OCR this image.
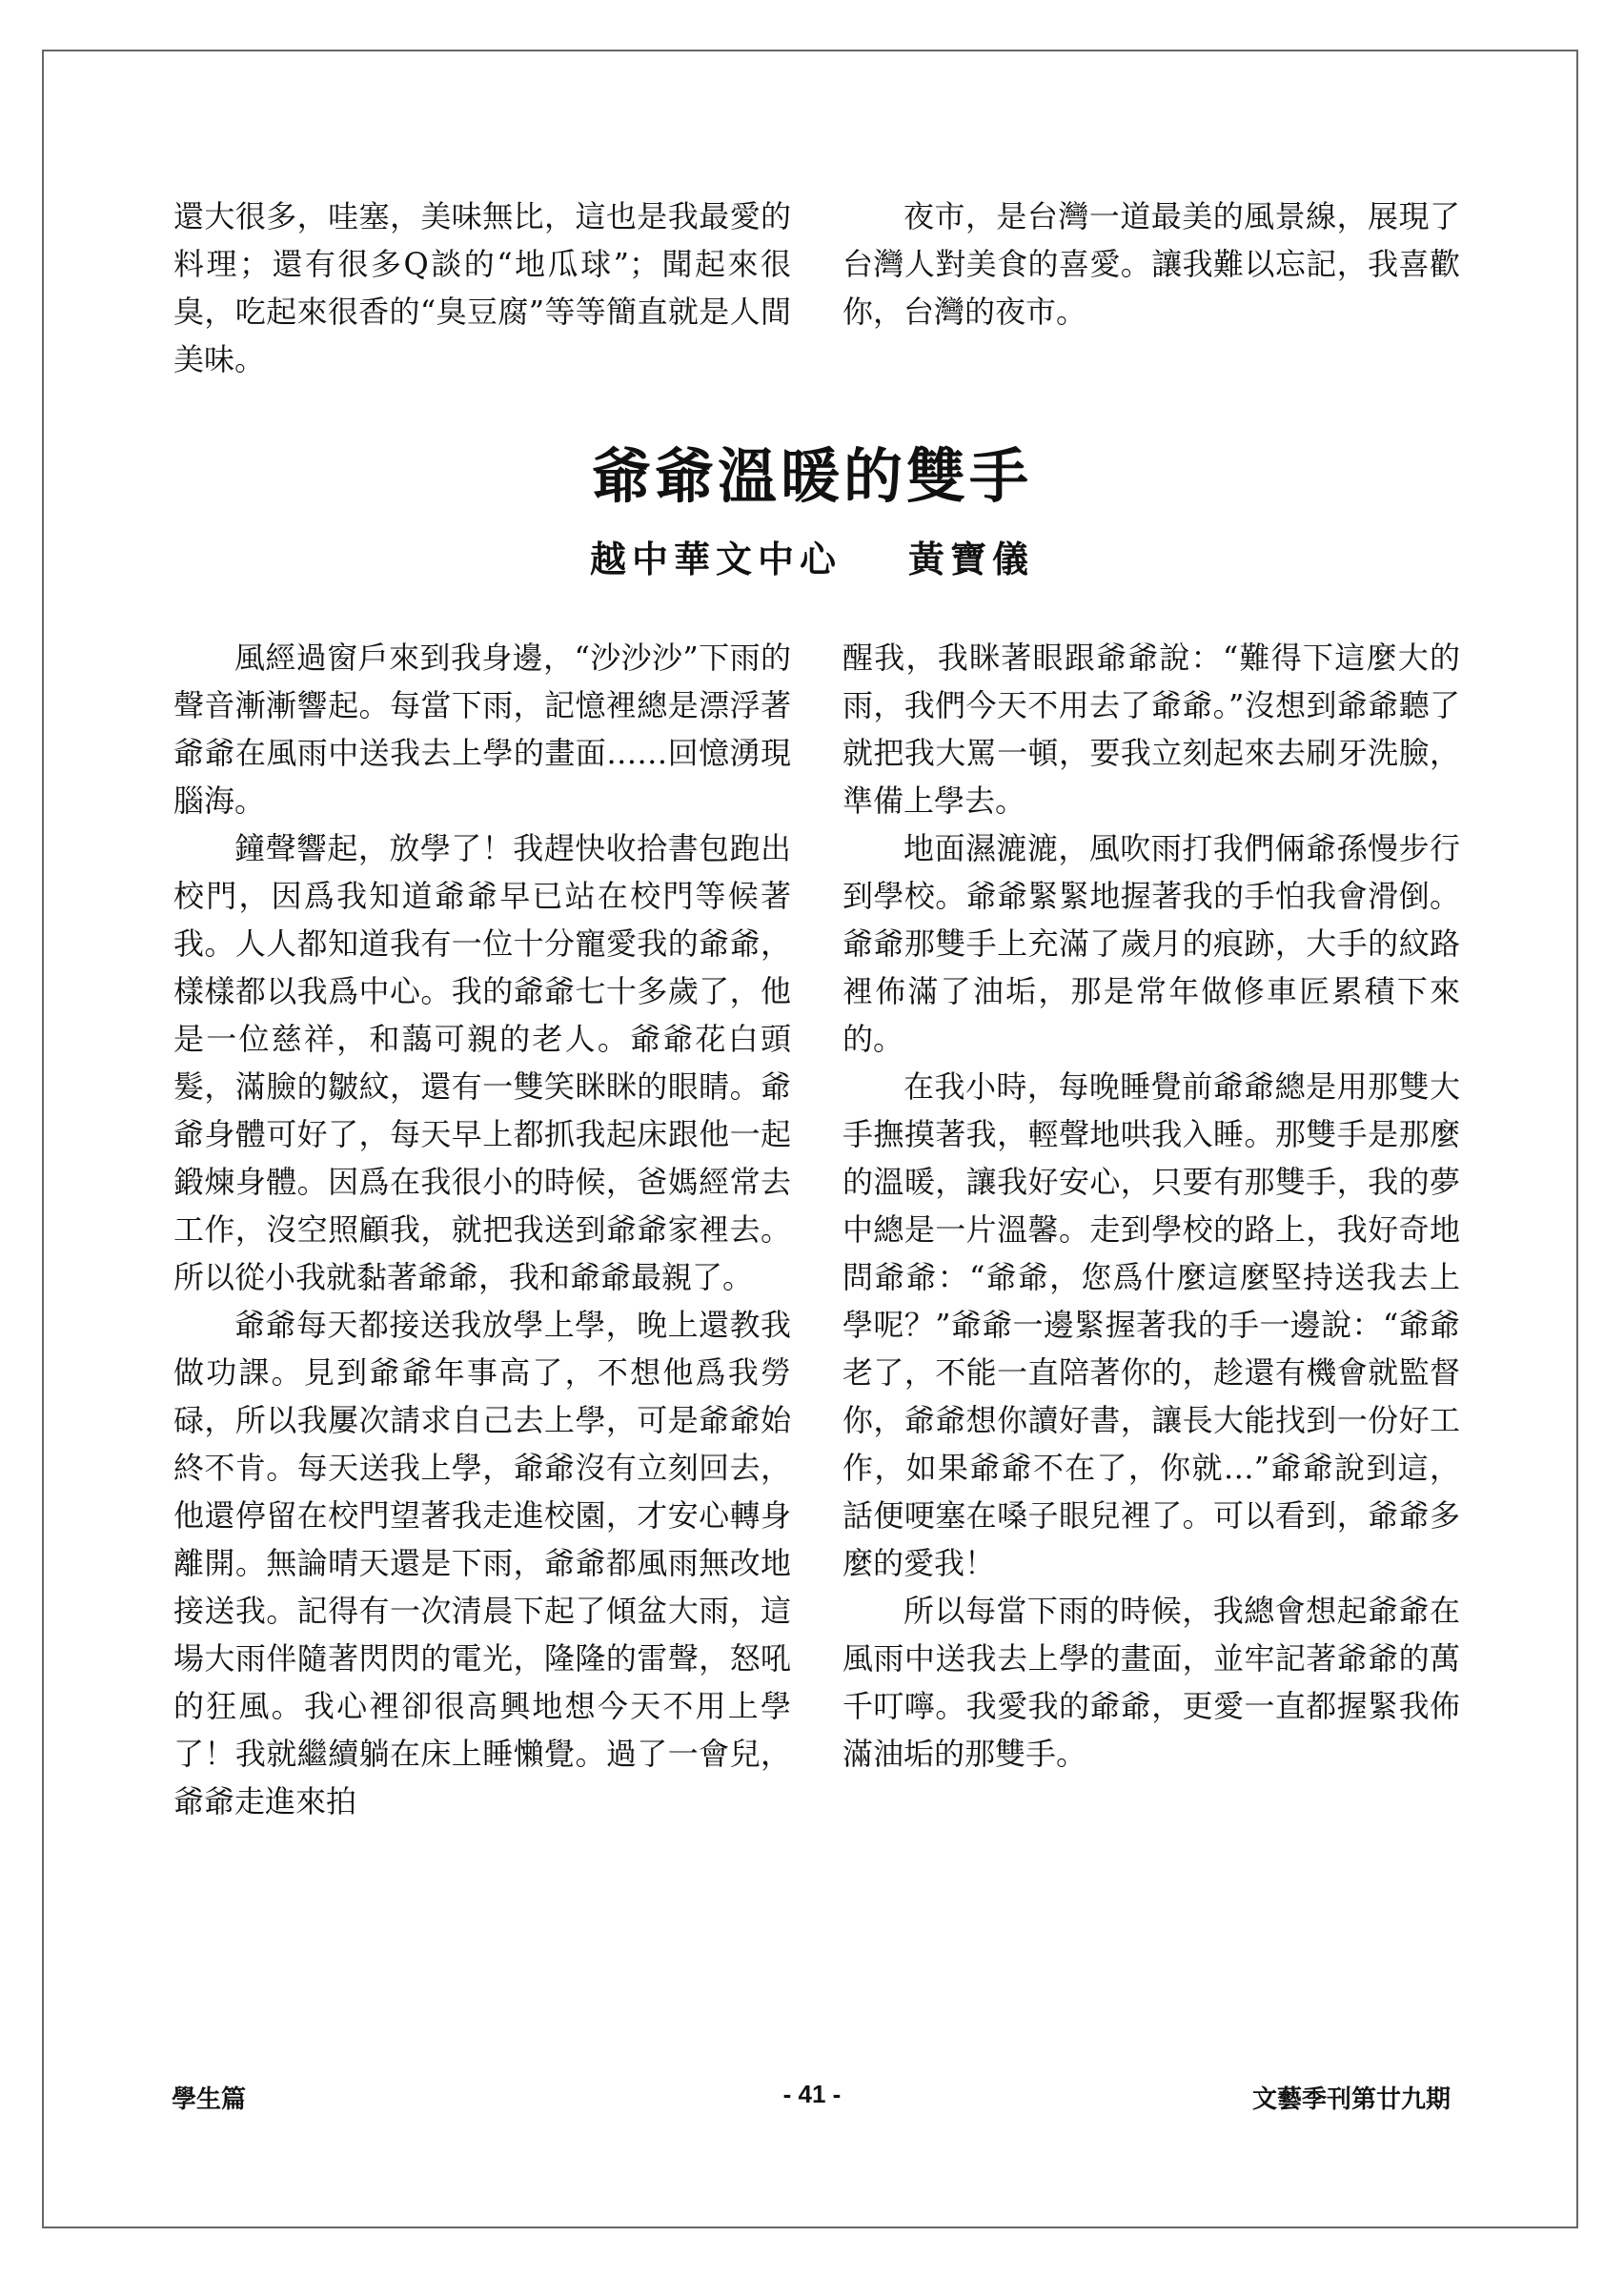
還大很多，哇塞，美味無比，這也是我最愛的料理；還有很多Q談的“地瓜球”；聞起來很臭，吃起來很香的“臭豆腐”等等簡直就是人間美味。

夜市，是台灣一道最美的風景線，展現了台灣人對美食的喜愛。讓我難以忘記，我喜歡你，台灣的夜市。

爺爺溫暖的雙手
越中華文中心 黃寶儀

風經過窗戶來到我身邊，“沙沙沙”下雨的聲音漸漸響起。每當下雨，記憶裡總是漂浮著爺爺在風雨中送我去上學的畫面……回憶湧現腦海。

鐘聲響起，放學了！我趕快收拾書包跑出校門，因爲我知道爺爺早已站在校門等候著我。人人都知道我有一位十分寵愛我的爺爺，樣樣都以我爲中心。我的爺爺七十多歲了，他是一位慈祥，和藹可親的老人。爺爺花白頭髮，滿臉的皺紋，還有一雙笑眯眯的眼睛。爺爺身體可好了，每天早上都抓我起床跟他一起鍛煉身體。因爲在我很小的時候，爸媽經常去工作，沒空照顧我，就把我送到爺爺家裡去。所以從小我就黏著爺爺，我和爺爺最親了。

爺爺每天都接送我放學上學，晚上還教我做功課。見到爺爺年事高了，不想他爲我勞碌，所以我屢次請求自己去上學，可是爺爺始終不肯。每天送我上學，爺爺沒有立刻回去，他還停留在校門望著我走進校園，才安心轉身離開。無論晴天還是下雨，爺爺都風雨無改地接送我。記得有一次清晨下起了傾盆大雨，這場大雨伴隨著閃閃的電光，隆隆的雷聲，怒吼的狂風。我心裡卻很高興地想今天不用上學了！我就繼續躺在床上睡懶覺。過了一會兒，爺爺走進來拍

醒我，我眯著眼跟爺爺說：“難得下這麼大的雨，我們今天不用去了爺爺。”沒想到爺爺聽了就把我大罵一頓，要我立刻起來去刷牙洗臉，準備上學去。

地面濕漉漉，風吹雨打我們倆爺孫慢步行到學校。爺爺緊緊地握著我的手怕我會滑倒。爺爺那雙手上充滿了歲月的痕跡，大手的紋路裡佈滿了油垢，那是常年做修車匠累積下來的。

在我小時，每晚睡覺前爺爺總是用那雙大手撫摸著我，輕聲地哄我入睡。那雙手是那麼的溫暖，讓我好安心，只要有那雙手，我的夢中總是一片溫馨。走到學校的路上，我好奇地問爺爺：“爺爺，您爲什麼這麼堅持送我去上學呢？”爺爺一邊緊握著我的手一邊說：“爺爺老了，不能一直陪著你的，趁還有機會就監督你，爺爺想你讀好書，讓長大能找到一份好工作，如果爺爺不在了，你就…”爺爺說到這，話便哽塞在嗓子眼兒裡了。可以看到，爺爺多麼的愛我！

所以每當下雨的時候，我總會想起爺爺在風雨中送我去上學的畫面，並牢記著爺爺的萬千叮嚀。我愛我的爺爺，更愛一直都握緊我佈滿油垢的那雙手。

學生篇	- 41 -	文藝季刊第廿九期
